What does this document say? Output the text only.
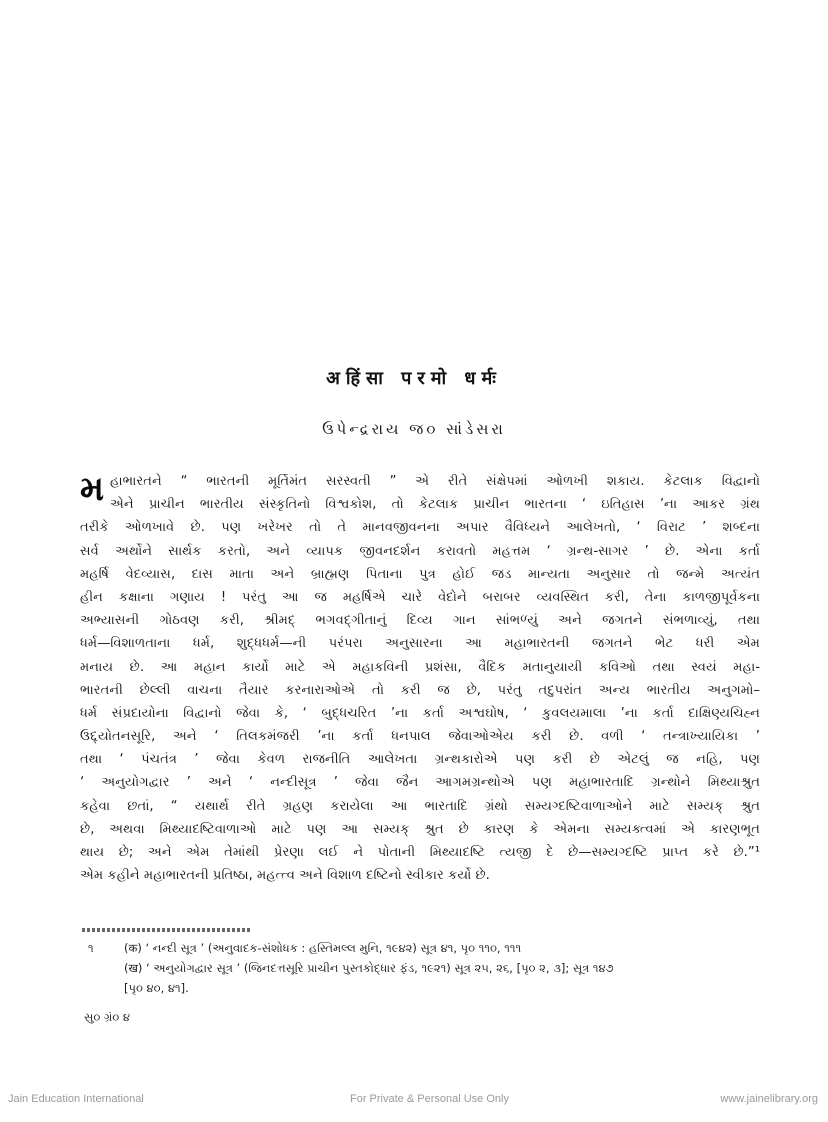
अहिंसा परमो धर्मः
ઉપેન્દ્રરાય જ૦ સાંડેસરા
મ હાભારતને “ ભારતની મૂર્તિમંત સરસ્વતી ” એ રીતે સંક્ષેપમાં ઓળખી શકાય. કેટલાક વિદ્વાનો
એને પ્રાચીન ભારતીય સંસ્કૃતિનો વિશ્વકોશ, તો કેટલાક પ્રાચીન ભારતના ‘ ઇતિહાસ ’ના આકર ગ્રંથ
તરીકે ઓળખાવે છે. પણ ખરેખર તો તે માનવજીવનના અપાર વૈવિધ્યને આલેખતો, ‘ વિરાટ ’ શબ્દના
સર્વ અર્થોને સાર્થક કરતો, અને વ્યાપક જીવનદર્શન કરાવતો મહત્તમ ‘ ગ્રન્થ-સાગર ’ છે. એના કર્તા
મહર્ષિ વેદવ્યાસ, દાસ માતા અને બ્રાહ્મણ પિતાના પુત્ર હોઈ જડ માન્યતા અનુસાર તો જન્મે અત્યંત
હીન કક્ષાના ગણાય ! પરંતુ આ જ મહર્ષિએ ચારે વેદોને બરાબર વ્યવસ્થિત કરી, તેના કાળજીપૂર્વકના
અભ્યાસની ગોઠવણ કરી, શ્રીમદ્ ભગવદ્ગીતાનું દિવ્ય ગાન સાંભળ્યું અને જગતને સંભળાવ્યું, તથા
ધર્મ—વિશાળતાના ધર્મ, શુદ્ધધર્મ—ની પરંપરા અનુસારના આ મહાભારતની જગતને ભેટ ધરી એમ
મનાય છે. આ મહાન કાર્યો માટે એ મહાકવિની પ્રશંસા, વૈદિક મતાનુયાયી કવિઓ તથા સ્વયં મહા-
ભારતની છેલ્લી વાચના તૈયાર કરનારાઓએ તો કરી જ છે, પરંતુ તદુપરાંત અન્ય ભારતીય અનુગમો–
ધર્મ સંપ્રદાયોના વિદ્વાનો જેવા કે, ‘ બુદ્ધચરિત ’ના કર્તા અશ્વઘોષ, ‘ કુવલયમાલા ’ના કર્તા દાક્ષિણ્યચિહ્ન
ઉદ્દ્યોતનસૂરિ, અને ‘ તિલકમંજરી ’ના કર્તા ધનપાલ જેવાઓએય કરી છે. વળી ‘ તન્ત્રાખ્યાયિકા ’
તથા ‘ પંચતંત્ર ’ જેવા કેવળ રાજનીતિ આલેખતા ગ્રન્થકારોએ પણ કરી છે એટલું જ નહિ, પણ
‘ અનુયોગદ્વાર ’ અને ‘ નન્દીસૂત્ર ’ જેવા જૈન આગમગ્રન્થોએ પણ મહાભારતાદિ ગ્રન્થોને મિથ્યાશ્રુત
કહેવા છતાં, “ યથાર્થ રીતે ગ્રહણ કરાયેલા આ ભારતાદિ ગ્રંથો સમ્યગ્દષ્ટિવાળાઓને માટે સમ્યક્ શ્રુત
છે, અથવા મિથ્યાદષ્ટિવાળાઓ માટે પણ આ સમ્યક્ શ્રુત છે કારણ કે એમના સમ્યક્ત્વમાં એ કારણભૂત
થાય છે; અને એમ તેમાંથી પ્રેરણા લઈ ને પોતાની મિથ્યાદષ્ટિ ત્યજી દે છે—સમ્યગ્દષ્ટિ પ્રાપ્ત કરે છે.”¹
એમ કહીને મહાભારતની પ્રતિષ્ઠા, મહત્ત્વ અને વિશાળ દષ્ટિનો સ્વીકાર કર્યો છે.
૧	(क) ‘ નન્દી સૂત્ર ’ (અનુવાદક-સંશોધક : હસ્તિમલ્લ મુનિ, ૧૯૪૨) સૂત્ર ૪૧, પૃ૦ ૧૧૦, ૧૧૧
(ख) ‘ અનુયોગદ્વાર સૂત્ર ’ (જિનદત્તસૂરિ પ્રાચીન પુસ્તકોદ્ધાર ફંડ, ૧૯૨૧) સૂત્ર ૨૫, ૨૬, [પૃ૦ ૨, ૩]; સૂત્ર ૧૪૭
[પૃ૦ ૪૦, ૪૧].
સુ૦ ગ્રં૦ ૪
Jain Education International	For Private & Personal Use Only	www.jainelibrary.org
